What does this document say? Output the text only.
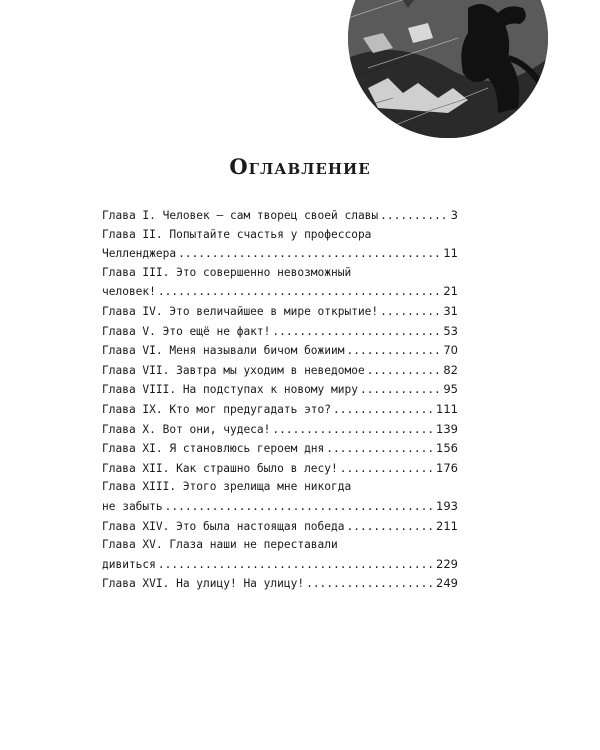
Оглавление
Глава I. Человек — сам творец своей славы .....	3
Глава II. Попытайте счастья у профессора
Челленджера .....	11
Глава III. Это совершенно невозможный
человек! .....	21
Глава IV. Это величайшее в мире открытие! .....	31
Глава V. Это ещё не факт! .....	53
Глава VI. Меня называли бичом божиим .....	70
Глава VII. Завтра мы уходим в неведомое .....	82
Глава VIII. На подступах к новому миру .....	95
Глава IX. Кто мог предугадать это? .....	111
Глава X. Вот они, чудеса! .....	139
Глава XI. Я становлюсь героем дня .....	156
Глава XII. Как страшно было в лесу! .....	176
Глава XIII. Этого зрелища мне никогда
не забыть .....	193
Глава XIV. Это была настоящая победа .....	211
Глава XV. Глаза наши не переставали
дивиться .....	229
Глава XVI. На улицу! На улицу! .....	249
